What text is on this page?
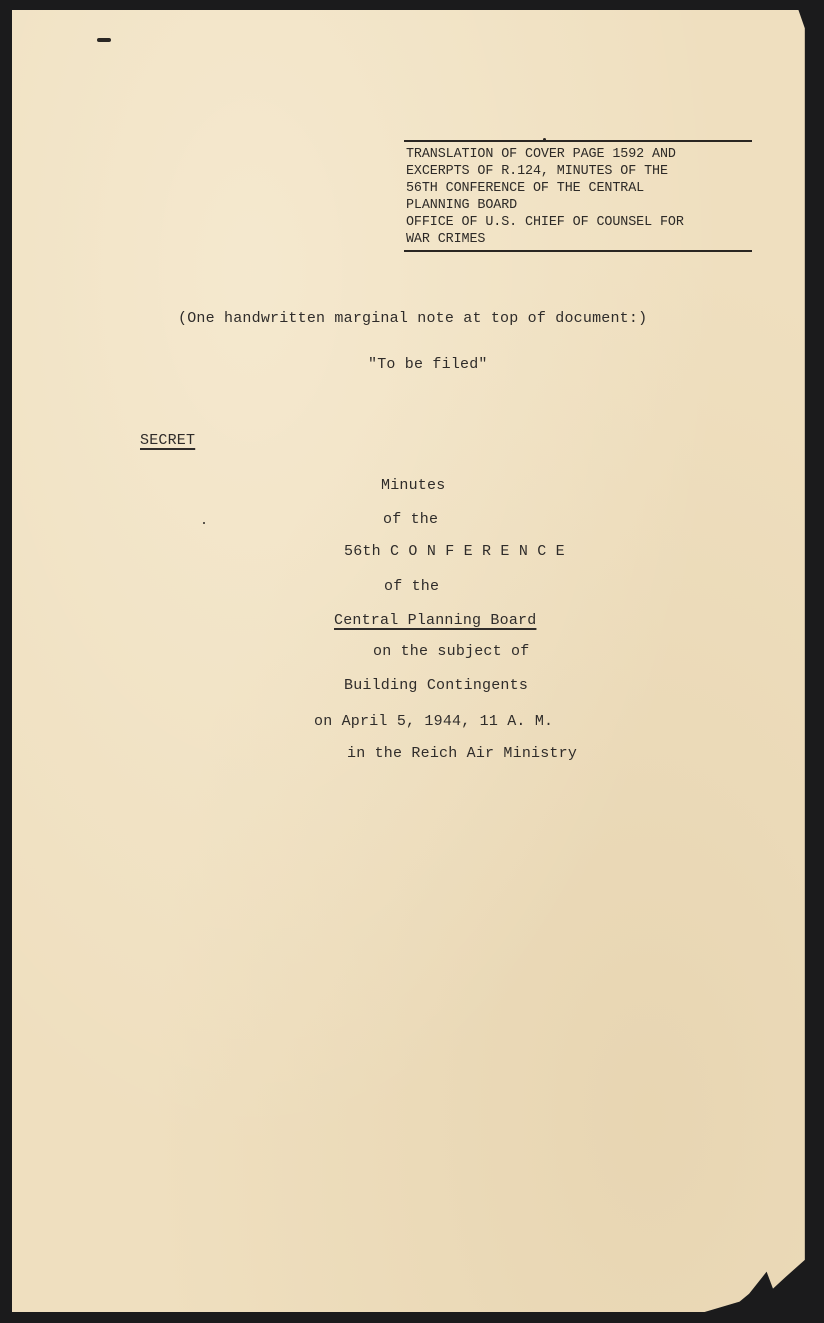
TRANSLATION OF COVER PAGE 1592 AND
EXCERPTS OF R.124, MINUTES OF THE
56TH CONFERENCE OF THE CENTRAL
PLANNING BOARD
OFFICE OF U.S. CHIEF OF COUNSEL FOR
WAR CRIMES
(One handwritten marginal note at top of document:)
"To be filed"
SECRET
Minutes
of the
56th C O N F E R E N C E
of the
Central Planning Board
on the subject of
Building Contingents
on April 5, 1944, 11 A. M.
in the Reich Air Ministry
